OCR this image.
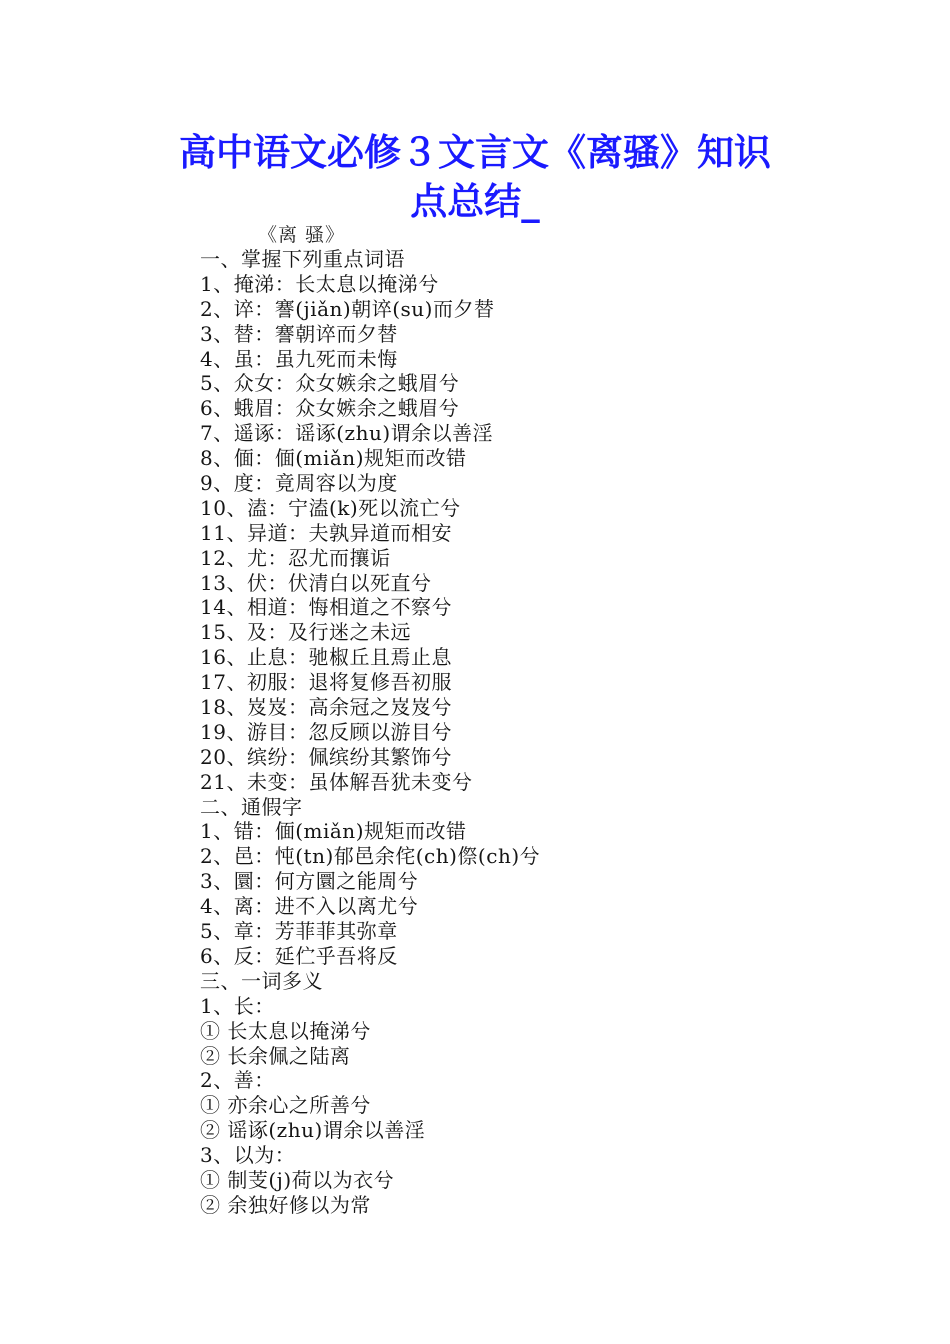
高中语文必修３文言文《离骚》知识
点总结_

《离 骚》

一、掌握下列重点词语
1、掩涕：长太息以掩涕兮
2、谇：謇(jiǎn)朝谇(su)而夕替
3、替：謇朝谇而夕替
4、虽：虽九死而未悔
5、众女：众女嫉余之蛾眉兮
6、蛾眉：众女嫉余之蛾眉兮
7、遥诼：谣诼(zhu)谓余以善淫
8、偭：偭(miǎn)规矩而改错
9、度：竟周容以为度
10、溘：宁溘(k)死以流亡兮
11、异道：夫孰异道而相安
12、尤：忍尤而攘诟
13、伏：伏清白以死直兮
14、相道：悔相道之不察兮
15、及：及行迷之未远
16、止息：驰椒丘且焉止息
17、初服：退将复修吾初服
18、岌岌：高余冠之岌岌兮
19、游目：忽反顾以游目兮
20、缤纷：佩缤纷其繁饰兮
21、未变：虽体解吾犹未变兮
二、通假字
1、错：偭(miǎn)规矩而改错
2、邑：忳(tn)郁邑余侘(ch)傺(ch)兮
3、圜：何方圜之能周兮
4、离：进不入以离尤兮
5、章：芳菲菲其弥章
6、反：延伫乎吾将反
三、一词多义
1、长：
① 长太息以掩涕兮
② 长余佩之陆离
2、善：
① 亦余心之所善兮
② 谣诼(zhu)谓余以善淫
3、以为：
① 制芰(j)荷以为衣兮
② 余独好修以为常
